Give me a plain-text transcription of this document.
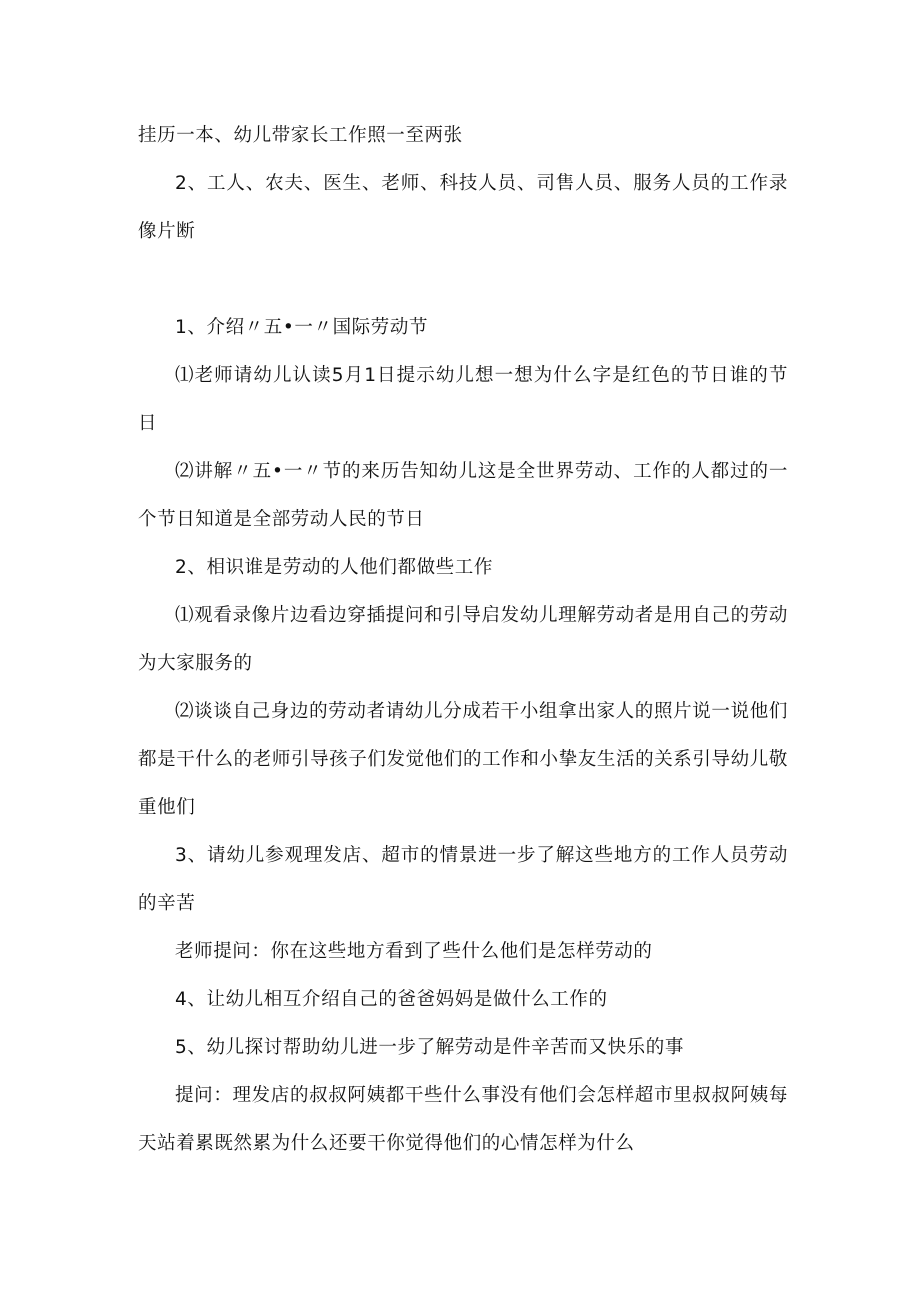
挂历一本、幼儿带家长工作照一至两张

2、工人、农夫、医生、老师、科技人员、司售人员、服务人员的工作录像片断

1、介绍〃五•一〃国际劳动节

⑴老师请幼儿认读5月1日提示幼儿想一想为什么字是红色的节日谁的节日

⑵讲解〃五•一〃节的来历告知幼儿这是全世界劳动、工作的人都过的一个节日知道是全部劳动人民的节日

2、相识谁是劳动的人他们都做些工作

⑴观看录像片边看边穿插提问和引导启发幼儿理解劳动者是用自己的劳动为大家服务的

⑵谈谈自己身边的劳动者请幼儿分成若干小组拿出家人的照片说一说他们都是干什么的老师引导孩子们发觉他们的工作和小挚友生活的关系引导幼儿敬重他们

3、请幼儿参观理发店、超市的情景进一步了解这些地方的工作人员劳动的辛苦

老师提问：你在这些地方看到了些什么他们是怎样劳动的

4、让幼儿相互介绍自己的爸爸妈妈是做什么工作的

5、幼儿探讨帮助幼儿进一步了解劳动是件辛苦而又快乐的事

提问：理发店的叔叔阿姨都干些什么事没有他们会怎样超市里叔叔阿姨每天站着累既然累为什么还要干你觉得他们的心情怎样为什么
